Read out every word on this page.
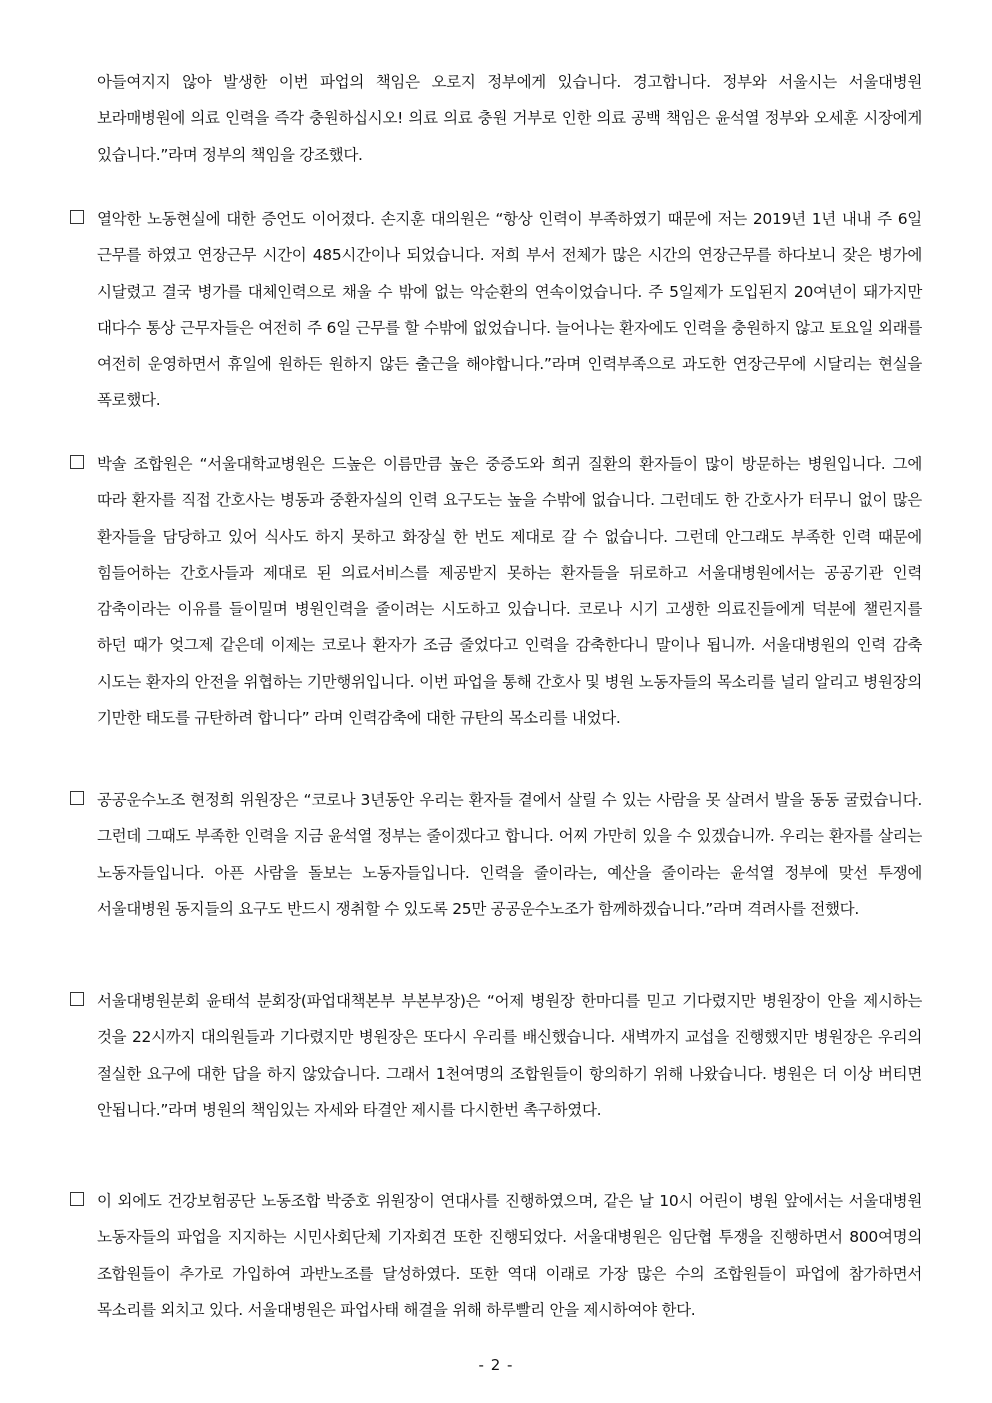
아들여지지 않아 발생한 이번 파업의 책임은 오로지 정부에게 있습니다. 경고합니다. 정부와 서울시는 서울대병원 보라매병원에 의료 인력을 즉각 충원하십시오! 의료 의료 충원 거부로 인한 의료 공백 책임은 윤석열 정부와 오세훈 시장에게 있습니다.”라며 정부의 책임을 강조했다.

열악한 노동현실에 대한 증언도 이어졌다. 손지훈 대의원은 “항상 인력이 부족하였기 때문에 저는 2019년 1년 내내 주 6일 근무를 하였고 연장근무 시간이 485시간이나 되었습니다. 저희 부서 전체가 많은 시간의 연장근무를 하다보니 잦은 병가에 시달렸고 결국 병가를 대체인력으로 채울 수 밖에 없는 악순환의 연속이었습니다. 주 5일제가 도입된지 20여년이 돼가지만 대다수 통상 근무자들은 여전히 주 6일 근무를 할 수밖에 없었습니다. 늘어나는 환자에도 인력을 충원하지 않고 토요일 외래를 여전히 운영하면서 휴일에 원하든 원하지 않든 출근을 해야합니다.”라며 인력부족으로 과도한 연장근무에 시달리는 현실을 폭로했다.
박솔 조합원은 “서울대학교병원은 드높은 이름만큼 높은 중증도와 희귀 질환의 환자들이 많이 방문하는 병원입니다. 그에 따라 환자를 직접 간호사는 병동과 중환자실의 인력 요구도는 높을 수밖에 없습니다. 그런데도 한 간호사가 터무니 없이 많은 환자들을 담당하고 있어 식사도 하지 못하고 화장실 한 번도 제대로 갈 수 없습니다. 그런데 안그래도 부족한 인력 때문에 힘들어하는 간호사들과 제대로 된 의료서비스를 제공받지 못하는 환자들을 뒤로하고 서울대병원에서는 공공기관 인력 감축이라는 이유를 들이밀며 병원인력을 줄이려는 시도하고 있습니다. 코로나 시기 고생한 의료진들에게 덕분에 챌린지를 하던 때가 엊그제 같은데 이제는 코로나 환자가 조금 줄었다고 인력을 감축한다니 말이나 됩니까. 서울대병원의 인력 감축 시도는 환자의 안전을 위협하는 기만행위입니다. 이번 파업을 통해 간호사 및 병원 노동자들의 목소리를 널리 알리고 병원장의 기만한 태도를 규탄하려 합니다” 라며 인력감축에 대한 규탄의 목소리를 내었다.
공공운수노조 현정희 위원장은 “코로나 3년동안 우리는 환자들 곁에서 살릴 수 있는 사람을 못 살려서 발을 동동 굴렀습니다. 그런데 그때도 부족한 인력을 지금 윤석열 정부는 줄이겠다고 합니다. 어찌 가만히 있을 수 있겠습니까. 우리는 환자를 살리는 노동자들입니다. 아픈 사람을 돌보는 노동자들입니다. 인력을 줄이라는, 예산을 줄이라는 윤석열 정부에 맞선 투쟁에 서울대병원 동지들의 요구도 반드시 쟁취할 수 있도록 25만 공공운수노조가 함께하겠습니다.”라며 격려사를 전했다.
서울대병원분회 윤태석 분회장(파업대책본부 부본부장)은 “어제 병원장 한마디를 믿고 기다렸지만 병원장이 안을 제시하는 것을 22시까지 대의원들과 기다렸지만 병원장은 또다시 우리를 배신했습니다. 새벽까지 교섭을 진행했지만 병원장은 우리의 절실한 요구에 대한 답을 하지 않았습니다. 그래서 1천여명의 조합원들이 항의하기 위해 나왔습니다. 병원은 더 이상 버티면 안됩니다.”라며 병원의 책임있는 자세와 타결안 제시를 다시한번 촉구하였다.
이 외에도 건강보험공단 노동조합 박중호 위원장이 연대사를 진행하였으며, 같은 날 10시 어린이 병원 앞에서는 서울대병원 노동자들의 파업을 지지하는 시민사회단체 기자회견 또한 진행되었다. 서울대병원은 임단협 투쟁을 진행하면서 800여명의 조합원들이 추가로 가입하여 과반노조를 달성하였다. 또한 역대 이래로 가장 많은 수의 조합원들이 파업에 참가하면서 목소리를 외치고 있다. 서울대병원은 파업사태 해결을 위해 하루빨리 안을 제시하여야 한다.
- 2 -
